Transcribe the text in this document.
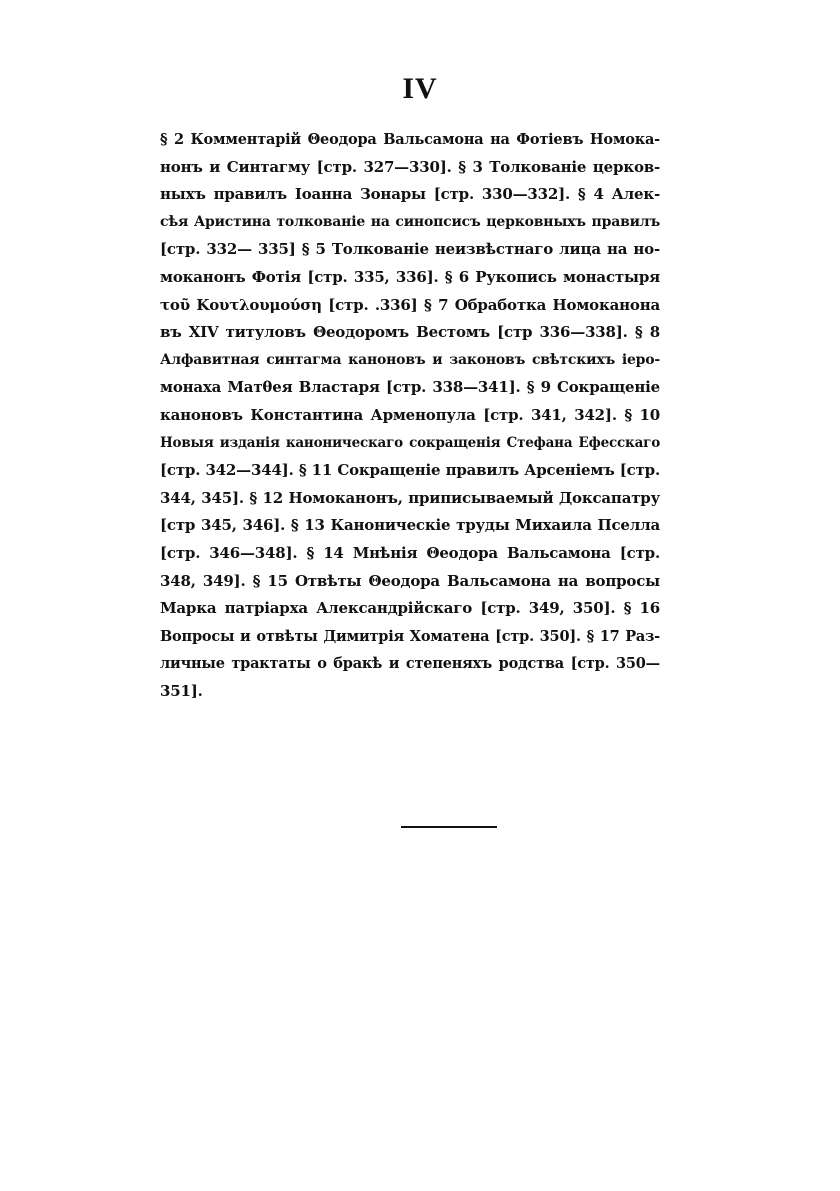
IV
§ 2 Комментарій Θеодора Вальсамона на Фотіевъ Номока-
нонъ и Синтагму [стр. 327—330]. § 3 Толкованіе церков-
ныхъ правилъ Іоанна Зонары [стр. 330—332]. § 4 Алек-
сѣя Аристина толкованіе на синопсисъ церковныхъ правилъ
[стр. 332— 335] § 5 Толкованіе неизвѣстнаго лица на но-
моканонъ Фотія [стр. 335, 336]. § 6 Рукопись монастыря
τοῦ Κουτλουμούση [стр. .336] § 7 Обработка Номоканона
въ XIV титуловъ Θеодоромъ Вестомъ [стр 336—338]. § 8
Алфавитная синтагма каноновъ и законовъ свѣтскихъ іеро-
монаха Матθея Властаря [стр. 338—341]. § 9 Сокращеніе
каноновъ Константина Арменопула [стр. 341, 342]. § 10
Новыя изданія каноническаго сокращенія Стефана Ефесскаго
[стр. 342—344]. § 11 Сокращеніе правилъ Арсеніемъ [стр.
344, 345]. § 12 Номоканонъ, приписываемый Доксапатру
[стр 345, 346]. § 13 Каноническіе труды Михаила Пселла
[стр. 346—348]. § 14 Мнѣнія Θеодора Вальсамона [стр.
348, 349]. § 15 Отвѣты Θеодора Вальсамона на вопросы
Марка патріарха Александрійскаго [стр. 349, 350]. § 16
Вопросы и отвѣты Димитрія Хоматена [стр. 350]. § 17 Раз-
личные трактаты о бракѣ и степеняхъ родства [стр. 350—
351].
